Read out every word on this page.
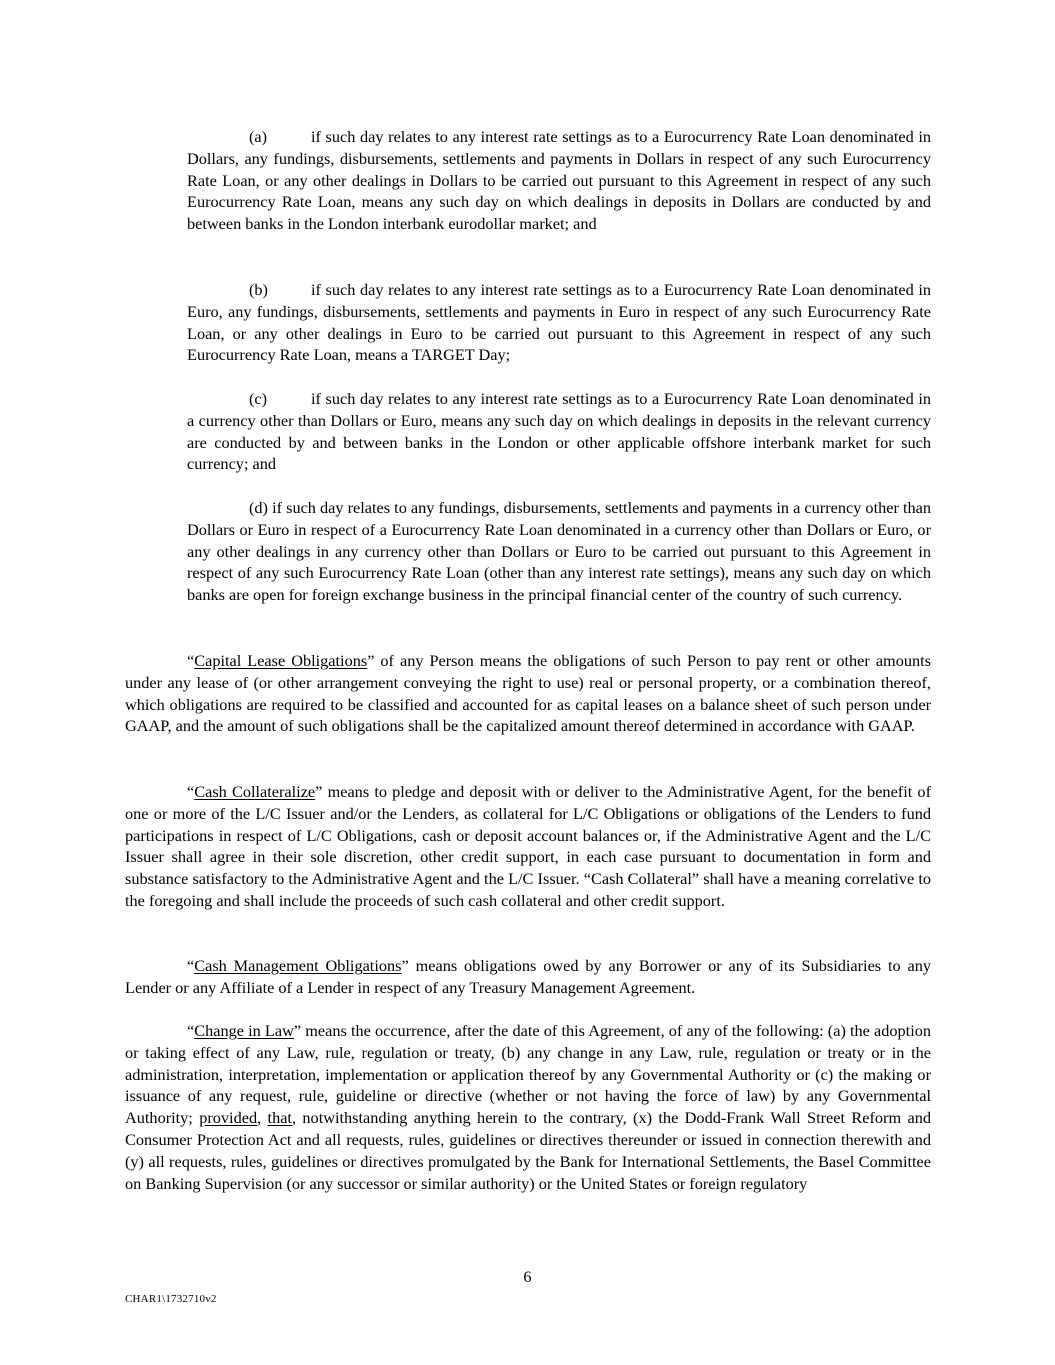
(a)	if such day relates to any interest rate settings as to a Eurocurrency Rate Loan denominated in Dollars, any fundings, disbursements, settlements and payments in Dollars in respect of any such Eurocurrency Rate Loan, or any other dealings in Dollars to be carried out pursuant to this Agreement in respect of any such Eurocurrency Rate Loan, means any such day on which dealings in deposits in Dollars are conducted by and between banks in the London interbank eurodollar market; and
(b)	if such day relates to any interest rate settings as to a Eurocurrency Rate Loan denominated in Euro, any fundings, disbursements, settlements and payments in Euro in respect of any such Eurocurrency Rate Loan, or any other dealings in Euro to be carried out pursuant to this Agreement in respect of any such Eurocurrency Rate Loan, means a TARGET Day;
(c)	if such day relates to any interest rate settings as to a Eurocurrency Rate Loan denominated in a currency other than Dollars or Euro, means any such day on which dealings in deposits in the relevant currency are conducted by and between banks in the London or other applicable offshore interbank market for such currency; and
(d) if such day relates to any fundings, disbursements, settlements and payments in a currency other than Dollars or Euro in respect of a Eurocurrency Rate Loan denominated in a currency other than Dollars or Euro, or any other dealings in any currency other than Dollars or Euro to be carried out pursuant to this Agreement in respect of any such Eurocurrency Rate Loan (other than any interest rate settings), means any such day on which banks are open for foreign exchange business in the principal financial center of the country of such currency.
“Capital Lease Obligations” of any Person means the obligations of such Person to pay rent or other amounts under any lease of (or other arrangement conveying the right to use) real or personal property, or a combination thereof, which obligations are required to be classified and accounted for as capital leases on a balance sheet of such person under GAAP, and the amount of such obligations shall be the capitalized amount thereof determined in accordance with GAAP.
“Cash Collateralize” means to pledge and deposit with or deliver to the Administrative Agent, for the benefit of one or more of the L/C Issuer and/or the Lenders, as collateral for L/C Obligations or obligations of the Lenders to fund participations in respect of L/C Obligations, cash or deposit account balances or, if the Administrative Agent and the L/C Issuer shall agree in their sole discretion, other credit support, in each case pursuant to documentation in form and substance satisfactory to the Administrative Agent and the L/C Issuer. “Cash Collateral” shall have a meaning correlative to the foregoing and shall include the proceeds of such cash collateral and other credit support.
“Cash Management Obligations” means obligations owed by any Borrower or any of its Subsidiaries to any Lender or any Affiliate of a Lender in respect of any Treasury Management Agreement.
“Change in Law” means the occurrence, after the date of this Agreement, of any of the following: (a) the adoption or taking effect of any Law, rule, regulation or treaty, (b) any change in any Law, rule, regulation or treaty or in the administration, interpretation, implementation or application thereof by any Governmental Authority or (c) the making or issuance of any request, rule, guideline or directive (whether or not having the force of law) by any Governmental Authority; provided, that, notwithstanding anything herein to the contrary, (x) the Dodd-Frank Wall Street Reform and Consumer Protection Act and all requests, rules, guidelines or directives thereunder or issued in connection therewith and (y) all requests, rules, guidelines or directives promulgated by the Bank for International Settlements, the Basel Committee on Banking Supervision (or any successor or similar authority) or the United States or foreign regulatory
6
CHAR1\1732710v2
